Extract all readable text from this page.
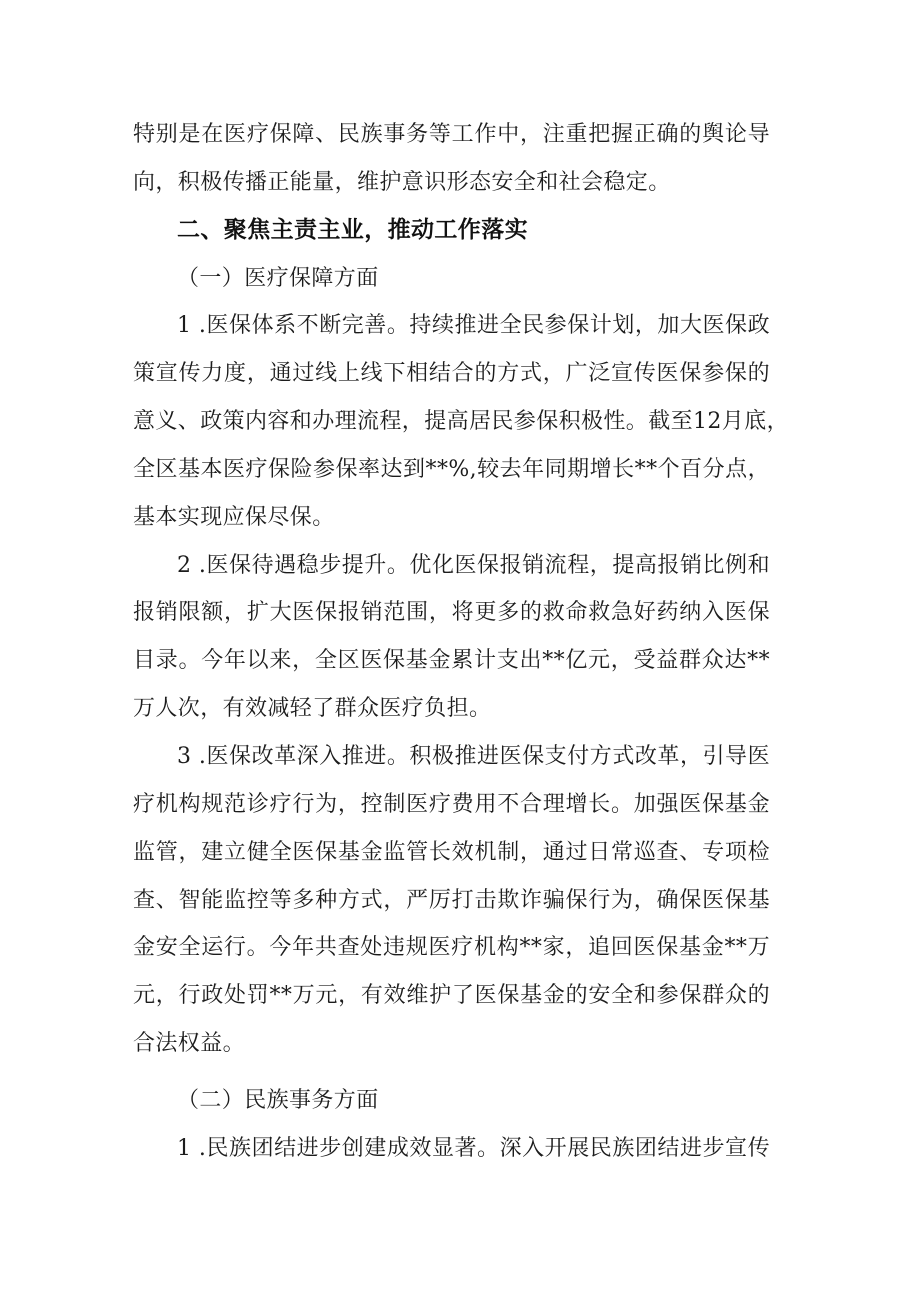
特别是在医疗保障、民族事务等工作中，注重把握正确的舆论导
向，积极传播正能量，维护意识形态安全和社会稳定。
二、聚焦主责主业，推动工作落实
（一）医疗保障方面
1 .医保体系不断完善。持续推进全民参保计划，加大医保政
策宣传力度，通过线上线下相结合的方式，广泛宣传医保参保的
意义、政策内容和办理流程，提高居民参保积极性。截至12月底，
全区基本医疗保险参保率达到**%,较去年同期增长**个百分点，
基本实现应保尽保。
2 .医保待遇稳步提升。优化医保报销流程，提高报销比例和
报销限额，扩大医保报销范围，将更多的救命救急好药纳入医保
目录。今年以来，全区医保基金累计支出**亿元，受益群众达**
万人次，有效减轻了群众医疗负担。
3 .医保改革深入推进。积极推进医保支付方式改革，引导医
疗机构规范诊疗行为，控制医疗费用不合理增长。加强医保基金
监管，建立健全医保基金监管长效机制，通过日常巡查、专项检
查、智能监控等多种方式，严厉打击欺诈骗保行为，确保医保基
金安全运行。今年共查处违规医疗机构**家，追回医保基金**万
元，行政处罚**万元，有效维护了医保基金的安全和参保群众的
合法权益。
（二）民族事务方面
1 .民族团结进步创建成效显著。深入开展民族团结进步宣传
